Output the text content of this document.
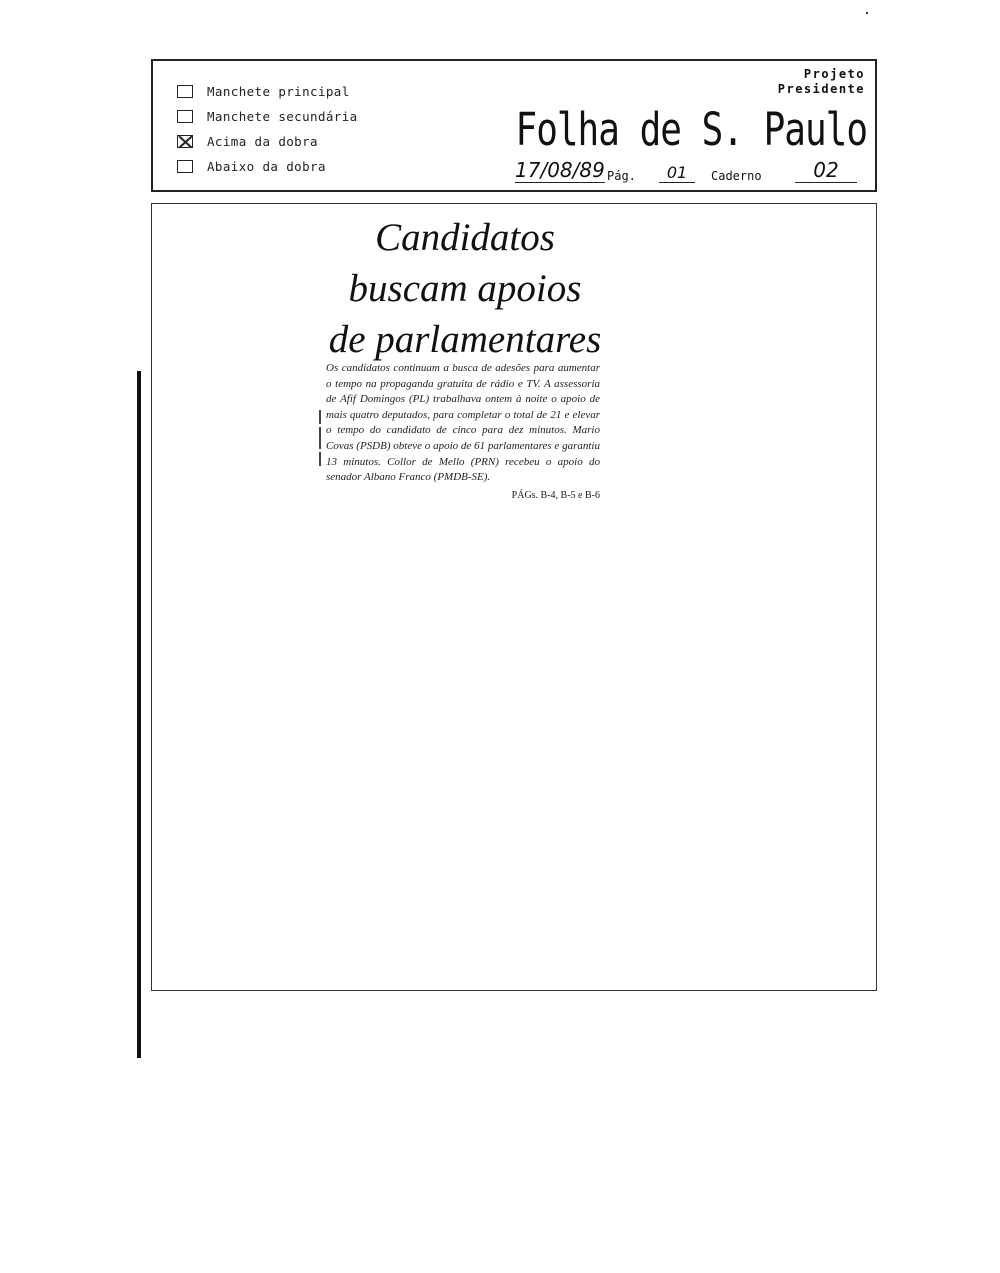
Manchete principal
Manchete secundária
Acima da dobra
Abaixo da dobra
Projeto
Presidente
Folha de S. Paulo
17/08/89 Pág.	01	Caderno	02
Candidatos
buscam apoios
de parlamentares
Os candidatos continuam a busca de adesões para aumentar o tempo na propaganda gratuita de rádio e TV. A assessoria de Afif Domingos (PL) trabalhava ontem à noite o apoio de mais quatro deputados, para completar o total de 21 e elevar o tempo do candidato de cinco para dez minutos. Mario Covas (PSDB) obteve o apoio de 61 parlamentares e garantiu 13 minutos. Collor de Mello (PRN) recebeu o apoio do senador Albano Franco (PMDB-SE).
PÁGs. B-4, B-5 e B-6
